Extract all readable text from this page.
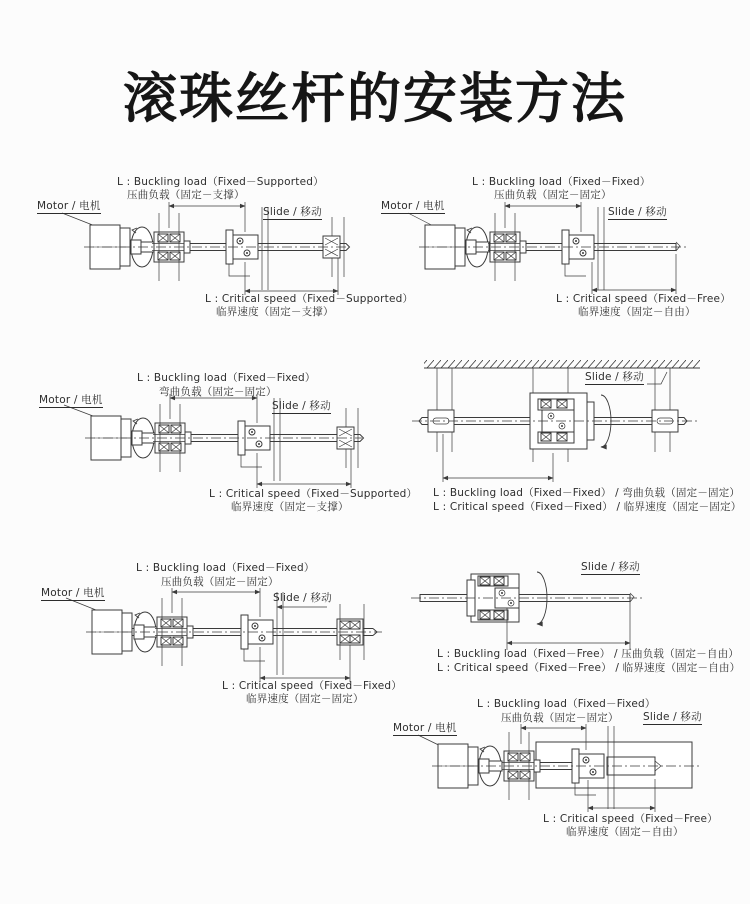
滚珠丝杆的安装方法
L : Buckling load（Fixed－Supported）
压曲负载（固定－支撑）
Motor / 电机	Slide / 移动
L : Critical speed（Fixed－Supported）
临界速度（固定－支撑）
L : Buckling load（Fixed－Fixed）
压曲负载（固定－固定）
Motor / 电机	Slide / 移动
L : Critical speed（Fixed－Free）
临界速度（固定－自由）
L : Buckling load（Fixed－Fixed）
弯曲负载（固定－固定）
Motor / 电机	Slide / 移动
L : Critical speed（Fixed－Supported）
临界速度（固定－支撑）
Slide / 移动
L : Buckling load（Fixed－Fixed） / 弯曲负载（固定－固定）
L : Critical speed（Fixed－Fixed） / 临界速度（固定－固定）
L : Buckling load（Fixed－Fixed）
压曲负载（固定－固定）
Motor / 电机	Slide / 移动
L : Critical speed（Fixed－Fixed）
临界速度（固定－固定）
Slide / 移动
L : Buckling load（Fixed－Free） / 压曲负载（固定－自由）
L : Critical speed（Fixed－Free） / 临界速度（固定－自由）
L : Buckling load（Fixed－Fixed）
压曲负载（固定－固定）
Motor / 电机
Slide / 移动
L : Critical speed（Fixed－Free）
临界速度（固定－自由）
